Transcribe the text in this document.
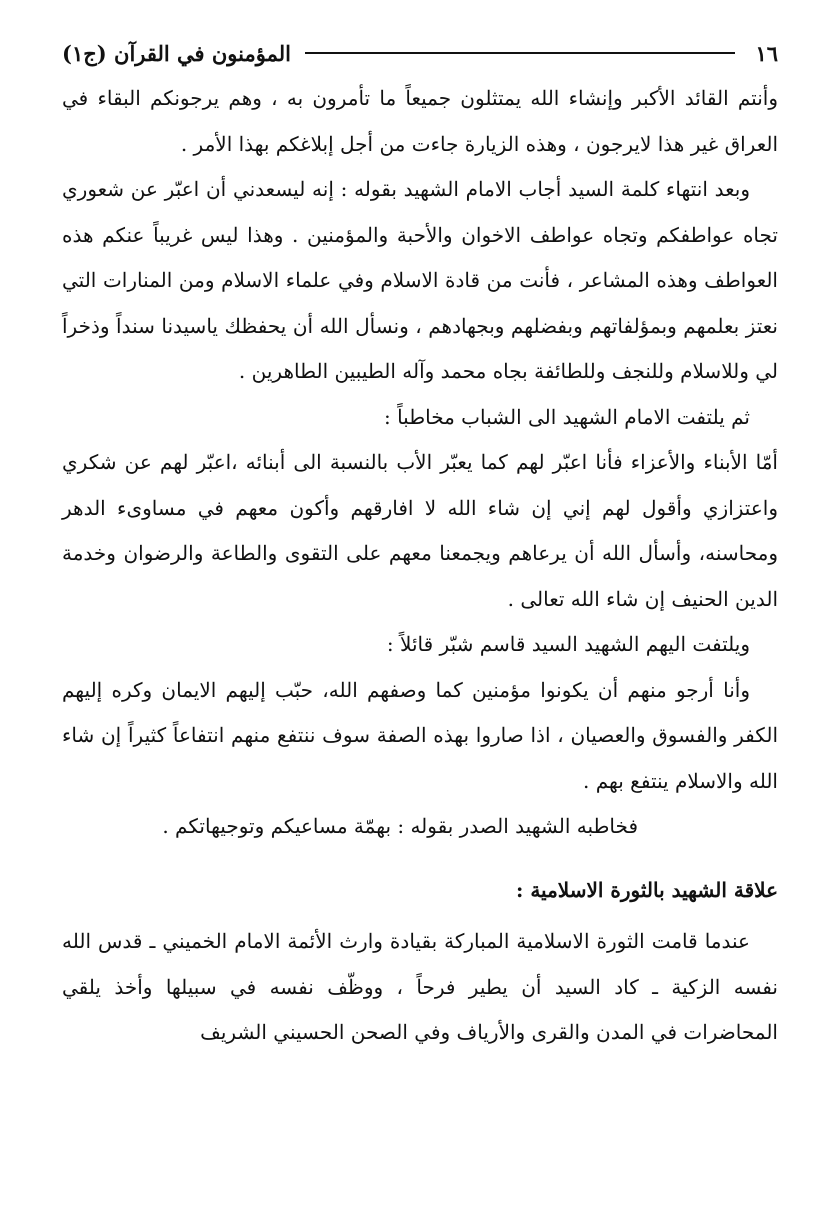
١٦
المؤمنون في القرآن (ج١)

وأنتم القائد الأكبر وإنشاء الله يمتثلون جميعاً ما تأمرون به ، وهم يرجونكم البقاء في العراق غير هذا لايرجون ، وهذه الزيارة جاءت من أجل إبلاغكم بهذا الأمر .

وبعد انتهاء كلمة السيد أجاب الامام الشهيد بقوله : إنه ليسعدني أن اعبّر عن شعوري تجاه عواطفكم وتجاه عواطف الاخوان والأحبة والمؤمنين . وهذا ليس غريباً عنكم هذه العواطف وهذه المشاعر ، فأنت من قادة الاسلام وفي علماء الاسلام ومن المنارات التي نعتز بعلمهم وبمؤلفاتهم وبفضلهم وبجهادهم ، ونسأل الله أن يحفظك ياسيدنا سنداً وذخراً لي وللاسلام وللنجف وللطائفة بجاه محمد وآله الطيبين الطاهرين .

ثم يلتفت الامام الشهيد الى الشباب مخاطباً :

أمّا الأبناء والأعزاء فأنا اعبّر لهم كما يعبّر الأب بالنسبة الى أبنائه ،اعبّر لهم عن شكري واعتزازي وأقول لهم إني إن شاء الله لا افارقهم وأكون معهم في مساوىء الدهر ومحاسنه، وأسأل الله أن يرعاهم ويجمعنا معهم على التقوى والطاعة والرضوان وخدمة الدين الحنيف إن شاء الله تعالى .

ويلتفت اليهم الشهيد السيد قاسم شبّر قائلاً :

وأنا أرجو منهم أن يكونوا مؤمنين كما وصفهم الله، حبّب إليهم الايمان وكره إليهم الكفر والفسوق والعصيان ، اذا صاروا بهذه الصفة سوف ننتفع منهم انتفاعاً كثيراً إن شاء الله والاسلام ينتفع بهم .

فخاطبه الشهيد الصدر بقوله : بهمّة مساعيكم وتوجيهاتكم .

علاقة الشهيد بالثورة الاسلامية :

عندما قامت الثورة الاسلامية المباركة بقيادة وارث الأئمة الامام الخميني ـ قدس الله نفسه الزكية ـ كاد السيد أن يطير فرحاً ، ووظّف نفسه في سبيلها وأخذ يلقي المحاضرات في المدن والقرى والأرياف وفي الصحن الحسيني الشريف
